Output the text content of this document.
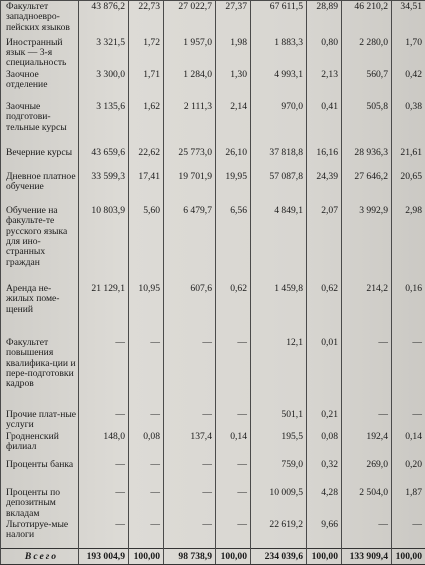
Факультет западноевро-пейских языков	43 876,2	22,73	27 022,7	27,37	67 611,5	28,89	46 210,2	34,51
Иностранный язык — 3-я специальность	3 321,5	1,72	1 957,0	1,98	1 883,3	0,80	2 280,0	1,70
Заочное отделение	3 300,0	1,71	1 284,0	1,30	4 993,1	2,13	560,7	0,42
Заочные подготови-тельные курсы	3 135,6	1,62	2 111,3	2,14	970,0	0,41	505,8	0,38
Вечерние курсы	43 659,6	22,62	25 773,0	26,10	37 818,8	16,16	28 936,3	21,61
Дневное платное обучение	33 599,3	17,41	19 701,9	19,95	57 087,8	24,39	27 646,2	20,65
Обучение на факульте-те русского языка для ино-странных граждан	10 803,9	5,60	6 479,7	6,56	4 849,1	2,07	3 992,9	2,98
Аренда не-жилых поме-щений	21 129,1	10,95	607,6	0,62	1 459,8	0,62	214,2	0,16
Факультет повышения квалифика-ции и пере-подготовки кадров	—	—	—	—	12,1	0,01	—	—
Прочие плат-ные услуги	—	—	—	—	501,1	0,21	—	—
Гродненский филиал	148,0	0,08	137,4	0,14	195,5	0,08	192,4	0,14
Проценты банка	—	—	—	—	759,0	0,32	269,0	0,20
Проценты по депозитным вкладам	—	—	—	—	10 009,5	4,28	2 504,0	1,87
Льготируе-мые налоги	—	—	—	—	22 619,2	9,66	—	—
Всего	193 004,9	100,00	98 738,9	100,00	234 039,6	100,00	133 909,4	100,00
